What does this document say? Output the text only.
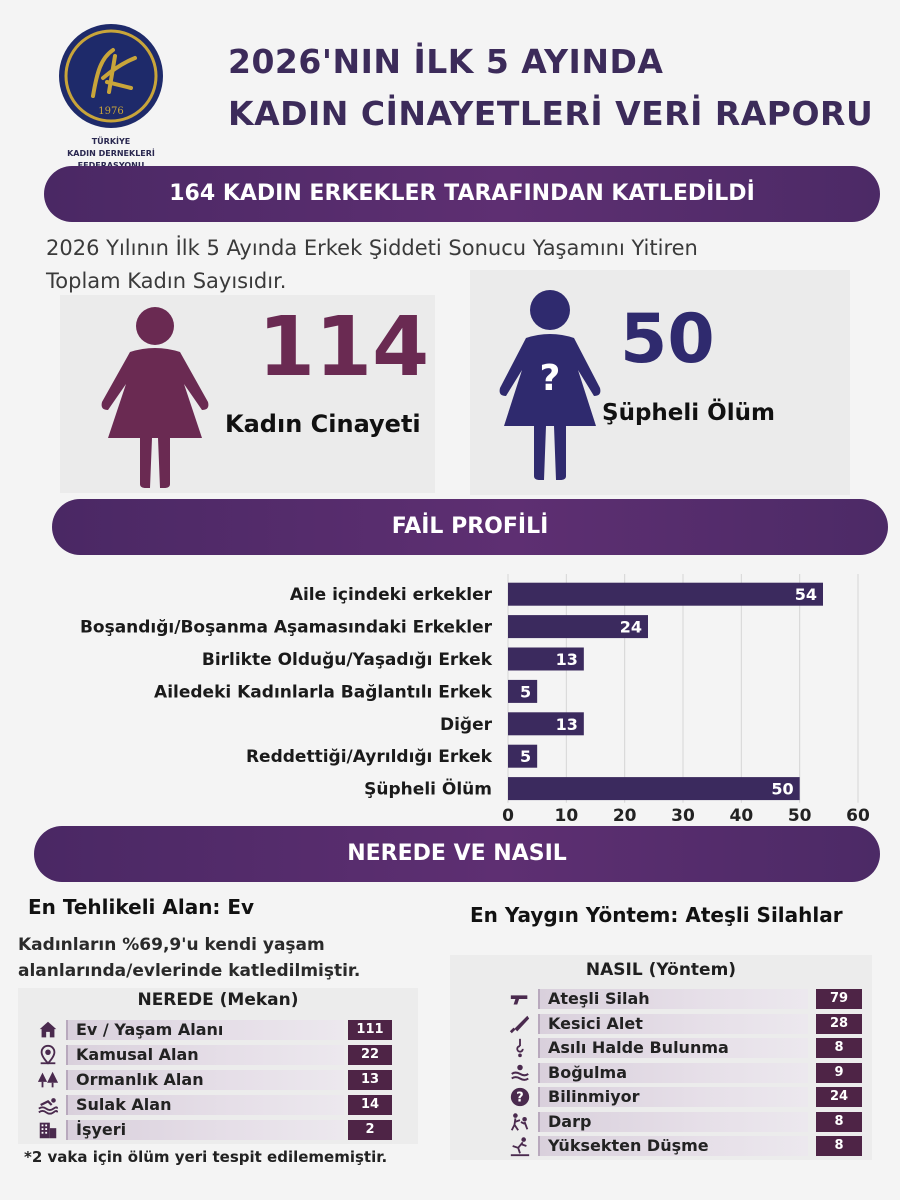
1976
TÜRKİYE
KADIN DERNEKLERİ
2026'NIN İLK 5 AYINDA
KADIN CİNAYETLERİ VERİ RAPORU
164 KADIN ERKEKLER TARAFINDAN KATLEDİLDİ
2026 Yılının İlk 5 Ayında Erkek Şiddeti Sonucu Yaşamını Yitiren
Toplam Kadın Sayısıdır.
?
114
Kadın Cinayeti
50
Şüpheli Ölüm
FAİL PROFİLİ
0 10 20 30 40 50 60
Aile içindeki erkekler	54
Boşandığı/Boşanma Aşamasındaki Erkekler	24
Birlikte Olduğu/Yaşadığı Erkek	13
Ailedeki Kadınlarla Bağlantılı Erkek 5
Diğer	13
Reddettiği/Ayrıldığı Erkek 5
Şüpheli Ölüm	50
NEREDE VE NASIL
En Tehlikeli Alan: Ev	En Yaygın Yöntem: Ateşli Silahlar
Kadınların %69,9'u kendi yaşam
alanlarında/evlerinde katledilmiştir.
NEREDE (Mekan)
NASIL (Yöntem)
Ev / Yaşam Alanı	111
Kamusal Alan	22
Ormanlık Alan	13
Sulak Alan	14
İşyeri	2
Ateşli Silah	79
Kesici Alet	28
Asılı Halde Bulunma	8
Boğulma	9
? Bilinmiyor	24
Darp	8
Yüksekten Düşme	8
*2 vaka için ölüm yeri tespit edilememiştir.
